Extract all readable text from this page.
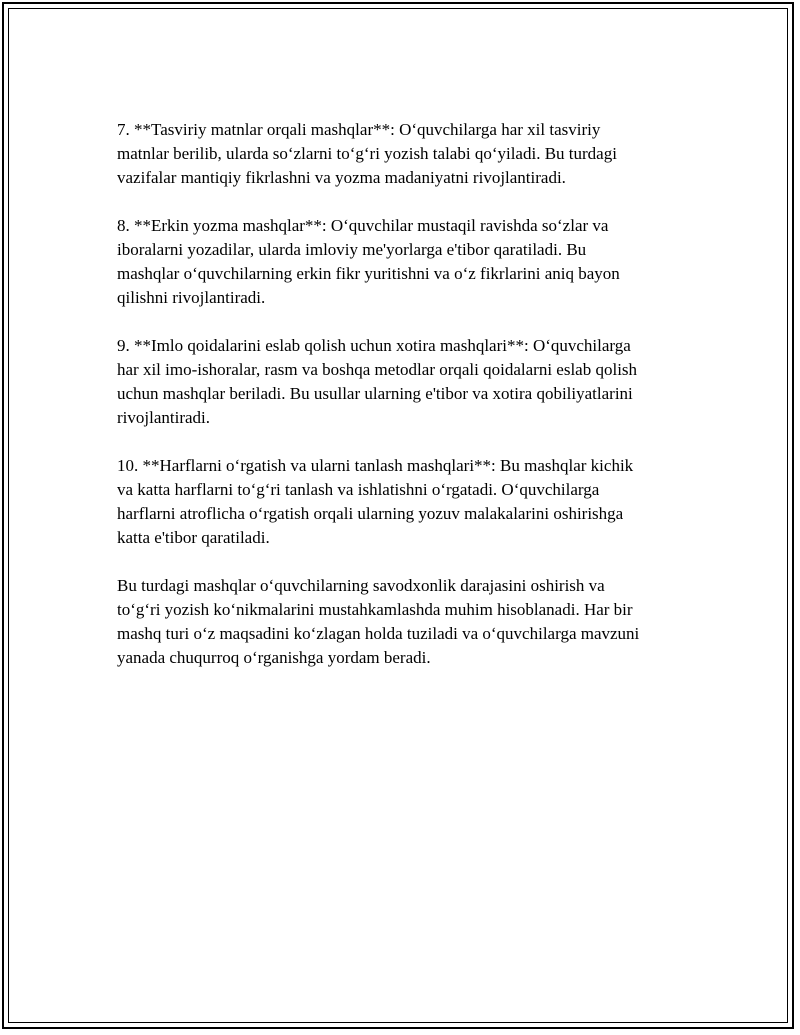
7. **Tasviriy matnlar orqali mashqlar**: O‘quvchilarga har xil tasviriy
matnlar berilib, ularda so‘zlarni to‘g‘ri yozish talabi qo‘yiladi. Bu turdagi
vazifalar mantiqiy fikrlashni va yozma madaniyatni rivojlantiradi.

8. **Erkin yozma mashqlar**: O‘quvchilar mustaqil ravishda so‘zlar va
iboralarni yozadilar, ularda imloviy me'yorlarga e'tibor qaratiladi. Bu
mashqlar o‘quvchilarning erkin fikr yuritishni va o‘z fikrlarini aniq bayon
qilishni rivojlantiradi.

9. **Imlo qoidalarini eslab qolish uchun xotira mashqlari**: O‘quvchilarga
har xil imo-ishoralar, rasm va boshqa metodlar orqali qoidalarni eslab qolish
uchun mashqlar beriladi. Bu usullar ularning e'tibor va xotira qobiliyatlarini
rivojlantiradi.

10. **Harflarni o‘rgatish va ularni tanlash mashqlari**: Bu mashqlar kichik
va katta harflarni to‘g‘ri tanlash va ishlatishni o‘rgatadi. O‘quvchilarga
harflarni atroflicha o‘rgatish orqali ularning yozuv malakalarini oshirishga
katta e'tibor qaratiladi.

Bu turdagi mashqlar o‘quvchilarning savodxonlik darajasini oshirish va
to‘g‘ri yozish ko‘nikmalarini mustahkamlashda muhim hisoblanadi. Har bir
mashq turi o‘z maqsadini ko‘zlagan holda tuziladi va o‘quvchilarga mavzuni
yanada chuqurroq o‘rganishga yordam beradi.
